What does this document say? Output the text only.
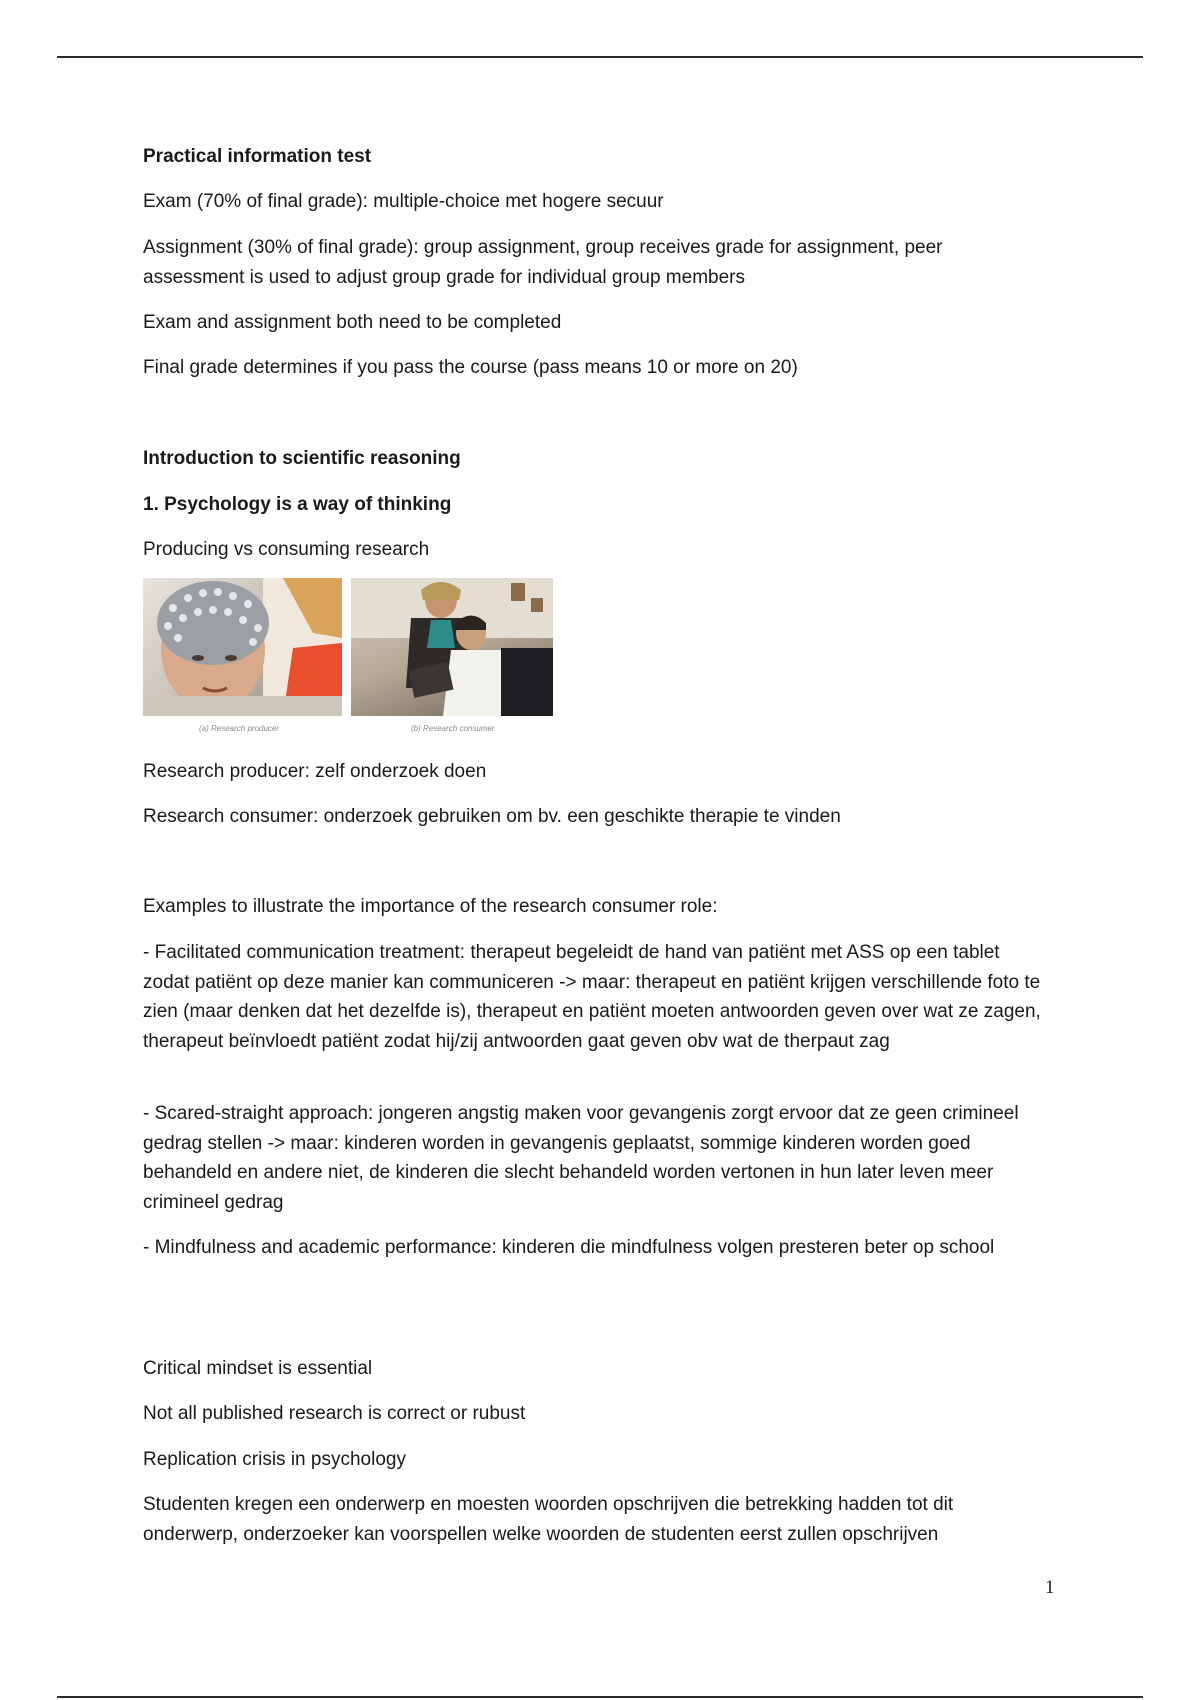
Practical information test
Exam (70% of final grade): multiple-choice met hogere secuur
Assignment (30% of final grade): group assignment, group receives grade for assignment, peer assessment is used to adjust group grade for individual group members
Exam and assignment both need to be completed
Final grade determines if you pass the course (pass means 10 or more on 20)
Introduction to scientific reasoning
1. Psychology is a way of thinking
Producing vs consuming research
(a) Research producer	(b) Research consumer
Research producer: zelf onderzoek doen
Research consumer: onderzoek gebruiken om bv. een geschikte therapie te vinden
Examples to illustrate the importance of the research consumer role:
- Facilitated communication treatment: therapeut begeleidt de hand van patiënt met ASS op een tablet zodat patiënt op deze manier kan communiceren -> maar: therapeut en patiënt krijgen verschillende foto te zien (maar denken dat het dezelfde is), therapeut en patiënt moeten antwoorden geven over wat ze zagen, therapeut beïnvloedt patiënt zodat hij/zij antwoorden gaat geven obv wat de therpaut zag
- Scared-straight approach: jongeren angstig maken voor gevangenis zorgt ervoor dat ze geen crimineel gedrag stellen -> maar: kinderen worden in gevangenis geplaatst, sommige kinderen worden goed behandeld en andere niet, de kinderen die slecht behandeld worden vertonen in hun later leven meer crimineel gedrag
- Mindfulness and academic performance: kinderen die mindfulness volgen presteren beter op school
Critical mindset is essential
Not all published research is correct or rubust
Replication crisis in psychology
Studenten kregen een onderwerp en moesten woorden opschrijven die betrekking hadden tot dit onderwerp, onderzoeker kan voorspellen welke woorden de studenten eerst zullen opschrijven
1
